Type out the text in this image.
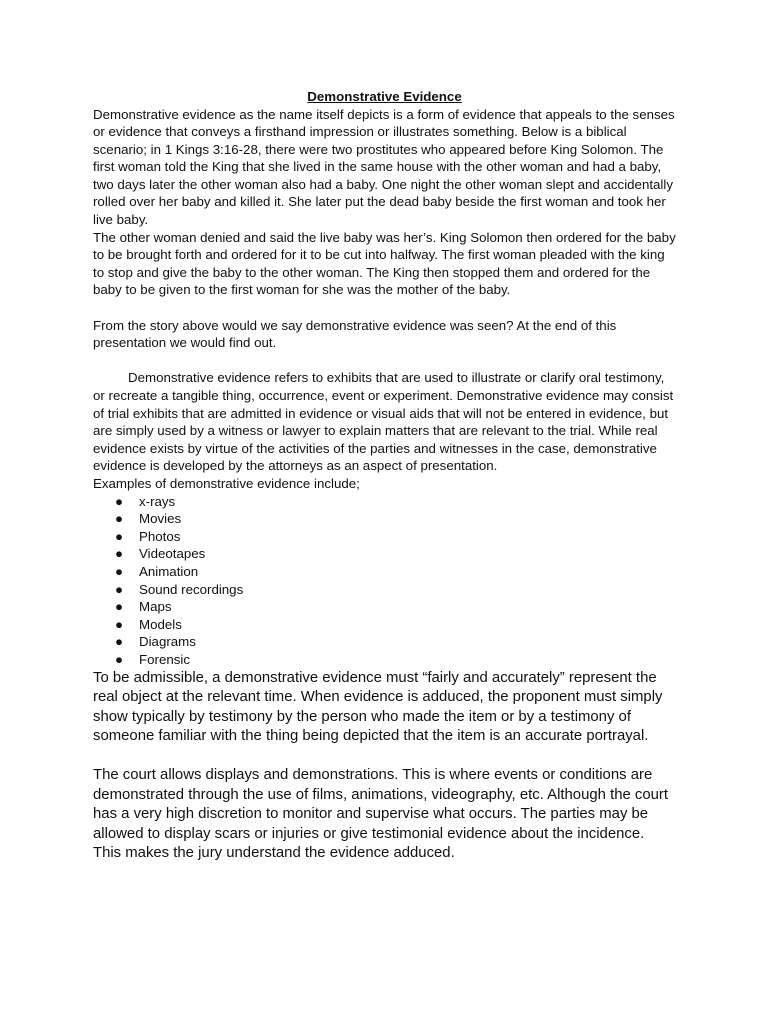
Demonstrative Evidence

Demonstrative evidence as the name itself depicts is a form of evidence that appeals to the senses or evidence that conveys a firsthand impression or illustrates something. Below is a biblical scenario; in 1 Kings 3:16-28, there were two prostitutes who appeared before King Solomon. The first woman told the King that she lived in the same house with the other woman and had a baby, two days later the other woman also had a baby. One night the other woman slept and accidentally rolled over her baby and killed it. She later put the dead baby beside the first woman and took her live baby.

The other woman denied and said the live baby was her’s. King Solomon then ordered for the baby to be brought forth and ordered for it to be cut into halfway. The first woman pleaded with the king to stop and give the baby to the other woman. The King then stopped them and ordered for the baby to be given to the first woman for she was the mother of the baby.

From the story above would we say demonstrative evidence was seen? At the end of this presentation we would find out.

Demonstrative evidence refers to exhibits that are used to illustrate or clarify oral testimony, or recreate a tangible thing, occurrence, event or experiment. Demonstrative evidence may consist of trial exhibits that are admitted in evidence or visual aids that will not be entered in evidence, but are simply used by a witness or lawyer to explain matters that are relevant to the trial. While real evidence exists by virtue of the activities of the parties and witnesses in the case, demonstrative evidence is developed by the attorneys as an aspect of presentation.

Examples of demonstrative evidence include;

● x-rays
● Movies
● Photos
● Videotapes
● Animation
● Sound recordings
● Maps
● Models
● Diagrams
● Forensic

To be admissible, a demonstrative evidence must “fairly and accurately” represent the real object at the relevant time. When evidence is adduced, the proponent must simply show typically by testimony by the person who made the item or by a testimony of someone familiar with the thing being depicted that the item is an accurate portrayal.

The court allows displays and demonstrations. This is where events or conditions are demonstrated through the use of films, animations, videography, etc. Although the court has a very high discretion to monitor and supervise what occurs. The parties may be allowed to display scars or injuries or give testimonial evidence about the incidence. This makes the jury understand the evidence adduced.
